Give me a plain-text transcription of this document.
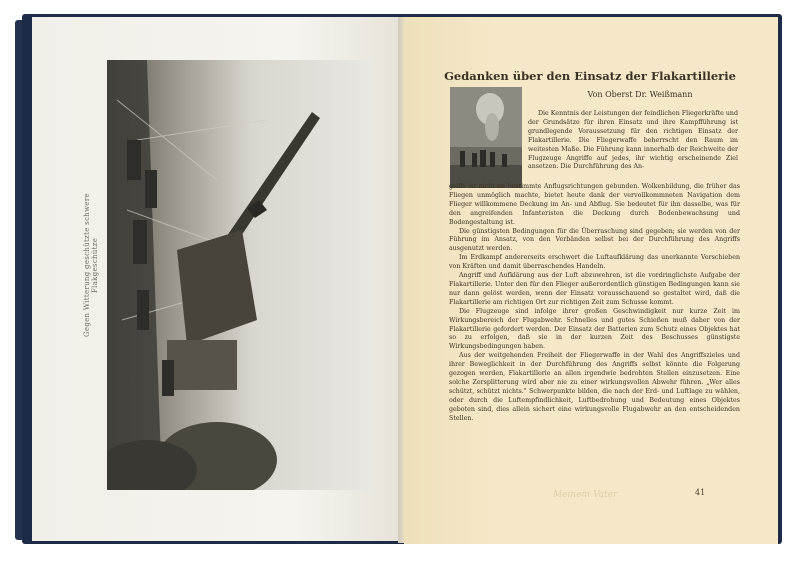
Gegen Witterung geschützte schwere Flakgeschütze
Gedanken über den Einsatz der Flakartillerie
Von Oberst Dr. Weißmann

Die Kenntnis der Leistungen der feindlichen Fliegerkräfte und der Grundsätze für ihren Einsatz und ihre Kampfführung ist grundlegende Voraussetzung für den richtigen Einsatz der Flakartillerie. Die Fliegerwaffe beherrscht den Raum im weitesten Maße. Die Führung kann innerhalb der Reichweite der Flugzeuge Angriffe auf jedes, ihr wichtig erscheinende Ziel ansetzen. Die Durchführung des An-

griffs ist nicht an bestimmte Anflugsrichtungen gebunden. Wolkenbildung, die früher das Fliegen unmöglich machte, bietet heute dank der vervollkommneten Navigation dem Flieger willkommene Deckung im An- und Abflug. Sie bedeutet für ihn dasselbe, was für den angreifenden Infanteristen die Deckung durch Bodenbewachsung und Bodengestaltung ist.

Die günstigsten Bedingungen für die Überraschung sind gegeben; sie werden von der Führung im Ansatz, von den Verbänden selbst bei der Durchführung des Angriffs ausgenutzt werden.

Im Erdkampf andererseits erschwert die Luftaufklärung das unerkannte Verschieben von Kräften und damit überraschendes Handeln.

Angriff und Aufklärung aus der Luft abzuwehren, ist die vordringlichste Aufgabe der Flakartillerie. Unter den für den Flieger außerordentlich günstigen Bedingungen kann sie nur dann gelöst werden, wenn der Einsatz vorausschauend so gestaltet wird, daß die Flakartillerie am richtigen Ort zur richtigen Zeit zum Schusse kommt.

Die Flugzeuge sind infolge ihrer großen Geschwindigkeit nur kurze Zeit im Wirkungsbereich der Flugabwehr. Schnelles und gutes Schießen muß daher von der Flakartillerie gefordert werden. Der Einsatz der Batterien zum Schutz eines Objektes hat so zu erfolgen, daß sie in der kurzen Zeit des Beschusses günstigste Wirkungsbedingungen haben.

Aus der weitgehenden Freiheit der Fliegerwaffe in der Wahl des Angriffszieles und ihrer Beweglichkeit in der Durchführung des Angriffs selbst könnte die Folgerung gezogen werden, Flakartillerie an allen irgendwie bedrohten Stellen einzusetzen. Eine solche Zersplitterung wird aber nie zu einer wirkungsvollen Abwehr führen. „Wer alles schützt, schützt nichts." Schwerpunkte bilden, die nach der Erd- und Luftlage zu wählen, oder durch die Luftempfindlichkeit, Luftbedrohung und Bedeutung eines Objektes geboten sind, dies allein sichert eine wirkungsvolle Flugabwehr an den entscheidenden Stellen.

Meinem Vater	41
